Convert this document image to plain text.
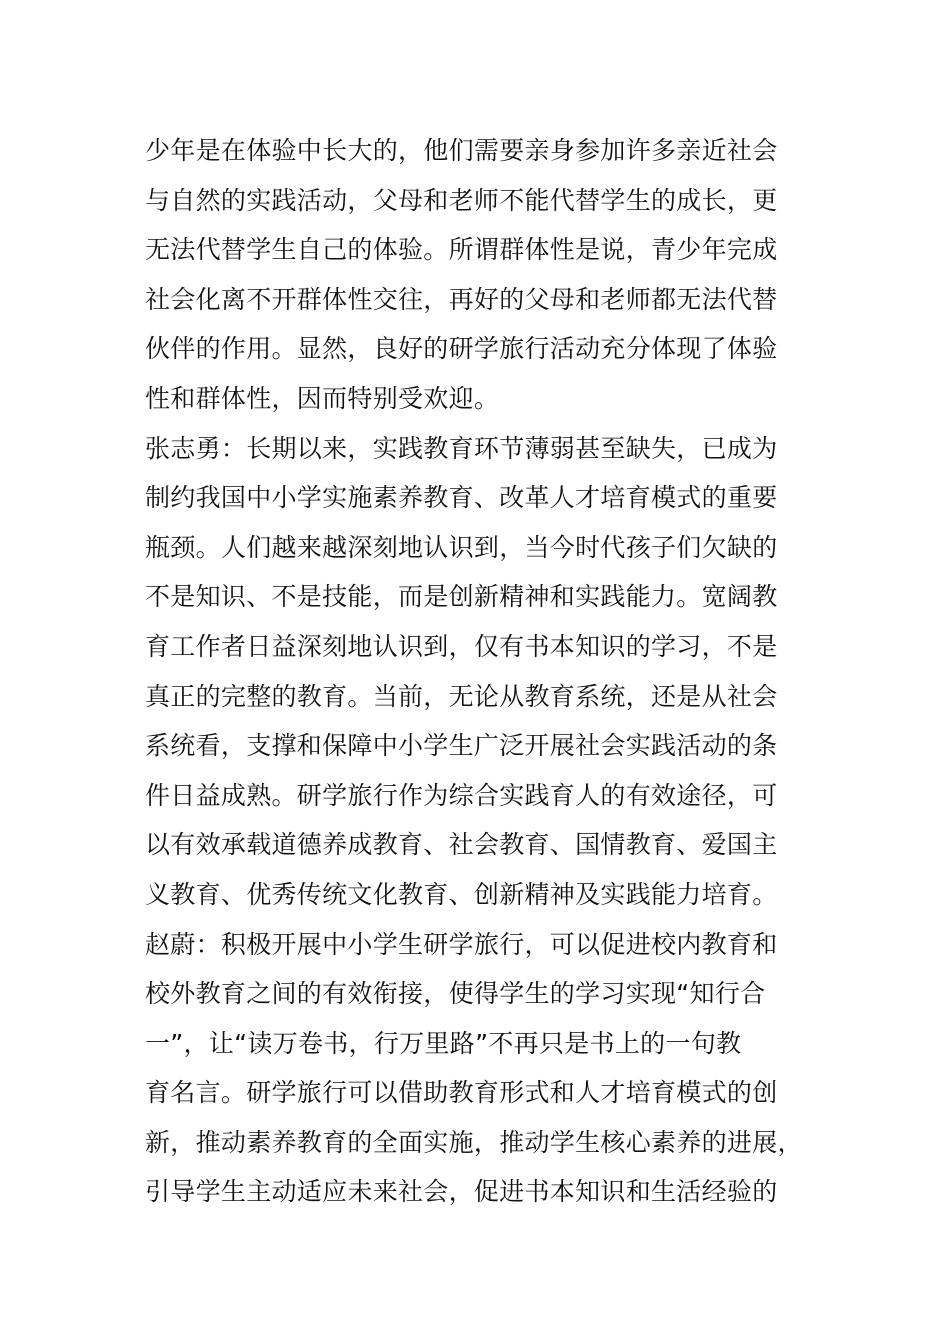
少年是在体验中长大的，他们需要亲身参加许多亲近社会
与自然的实践活动，父母和老师不能代替学生的成长，更
无法代替学生自己的体验。所谓群体性是说，青少年完成
社会化离不开群体性交往，再好的父母和老师都无法代替
伙伴的作用。显然，良好的研学旅行活动充分体现了体验
性和群体性，因而特别受欢迎。
张志勇：长期以来，实践教育环节薄弱甚至缺失，已成为
制约我国中小学实施素养教育、改革人才培育模式的重要
瓶颈。人们越来越深刻地认识到，当今时代孩子们欠缺的
不是知识、不是技能，而是创新精神和实践能力。宽阔教
育工作者日益深刻地认识到，仅有书本知识的学习，不是
真正的完整的教育。当前，无论从教育系统，还是从社会
系统看，支撑和保障中小学生广泛开展社会实践活动的条
件日益成熟。研学旅行作为综合实践育人的有效途径，可
以有效承载道德养成教育、社会教育、国情教育、爱国主
义教育、优秀传统文化教育、创新精神及实践能力培育。
赵蔚：积极开展中小学生研学旅行，可以促进校内教育和
校外教育之间的有效衔接，使得学生的学习实现“知行合
一”，让“读万卷书，行万里路”不再只是书上的一句教
育名言。研学旅行可以借助教育形式和人才培育模式的创
新，推动素养教育的全面实施，推动学生核心素养的进展，
引导学生主动适应未来社会，促进书本知识和生活经验的
